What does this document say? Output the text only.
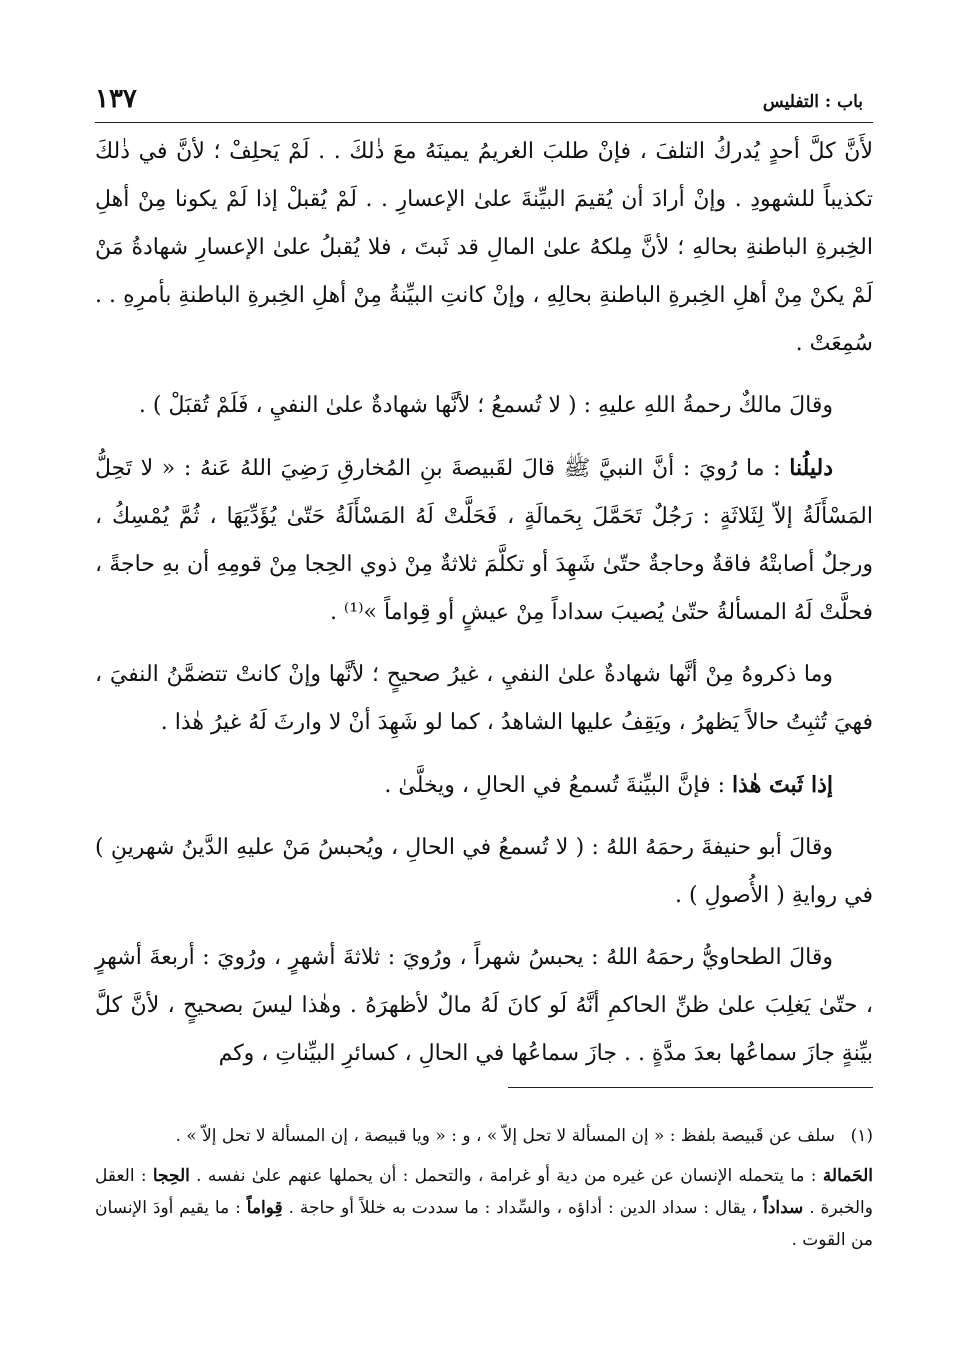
باب : التفليس
١٣٧

لأَنَّ كلَّ أحدٍ يُدركُ التلفَ ، فإنْ طلبَ الغريمُ يمينَهُ معَ ذٰلكَ . . لَمْ يَحلِفْ ؛ لأنَّ في ذٰلكَ تكذيباً للشهودِ . وإنْ أرادَ أن يُقيمَ البيِّنةَ علىٰ الإعسارِ . . لَمْ يُقبلْ إذا لَمْ يكونا مِنْ أهلِ الخِبرةِ الباطنةِ بحالهِ ؛ لأنَّ مِلكهُ علىٰ المالِ قد ثَبتَ ، فلا يُقبلُ علىٰ الإعسارِ شهادةُ مَنْ لَمْ يكنْ مِنْ أهلِ الخِبرةِ الباطنةِ بحالِهِ ، وإنْ كانتِ البيِّنةُ مِنْ أهلِ الخِبرةِ الباطنةِ بأمرِهِ . . سُمِعَتْ .

وقالَ مالكٌ رحمةُ اللهِ عليهِ : ( لا تُسمعُ ؛ لأنَّها شهادةٌ علىٰ النفيِ ، فَلَمْ تُقبَلْ ) .

دليلُنا : ما رُويَ : أنَّ النبيَّ ﷺ قالَ لقَبيصةَ بنِ المُخارقِ رَضِيَ اللهُ عَنهُ : « لا تَحِلُّ المَسْأَلَةُ إلاّ لِثَلاثَةٍ : رَجُلٌ تَحَمَّلَ بِحَمالَةٍ ، فَحَلَّتْ لَهُ المَسْأَلَةُ حَتّىٰ يُؤَدِّيَهَا ، ثُمَّ يُمْسِكُ ، ورجلٌ أصابتْهُ فاقةٌ وحاجةٌ حتّىٰ شَهِدَ أو تكلَّمَ ثلاثةٌ مِنْ ذوي الحِجا مِنْ قومِهِ أن بهِ حاجةً ، فحلَّتْ لَهُ المسألةُ حتّىٰ يُصيبَ سداداً مِنْ عيشٍ أو قِواماً »⁽¹⁾ .

وما ذكروهُ مِنْ أنَّها شهادةٌ علىٰ النفيِ ، غيرُ صحيحٍ ؛ لأنَّها وإنْ كانتْ تتضمَّنُ النفيَ ، فهيَ تُثبِتُ حالاً يَظهرُ ، ويَقِفُ عليها الشاهدُ ، كما لو شَهِدَ أنْ لا وارثَ لَهُ غيرُ هٰذا .

إذا ثَبتَ هٰذا : فإنَّ البيِّنةَ تُسمعُ في الحالِ ، ويخلَّىٰ .

وقالَ أبو حنيفةَ رحمَهُ اللهُ : ( لا تُسمعُ في الحالِ ، ويُحبسُ مَنْ عليهِ الدَّينُ شهرينِ ) في روايةِ ( الأُصولِ ) .

وقالَ الطحاويُّ رحمَهُ اللهُ : يحبسُ شهراً ، ورُويَ : ثلاثةَ أشهرٍ ، ورُويَ : أربعةَ أشهرٍ ، حتّىٰ يَغلِبَ علىٰ ظنِّ الحاكمِ أنَّهُ لَو كانَ لَهُ مالٌ لأظهرَهُ . وهٰذا ليسَ بصحيحٍ ، لأنَّ كلَّ بيِّنةٍ جازَ سماعُها بعدَ مدَّةٍ . . جازَ سماعُها في الحالِ ، كسائرِ البيِّناتِ ، وكم

(١)
سلف عن قَبيصة بلفظ : « إن المسألة لا تحل إلاّ » ، و : « ويا قبيصة ، إن المسألة لا تحل إلاّ » .

الحَمالة : ما يتحمله الإنسان عن غيره من دية أو غرامة ، والتحمل : أن يحملها عنهم علىٰ نفسه . الحِجا : العقل والخبرة . سداداً ، يقال : سداد الدين : أداؤه ، والسِّداد : ما سددت به خللاً أو حاجة . قِواماً : ما يقيم أودَ الإنسان من القوت .
